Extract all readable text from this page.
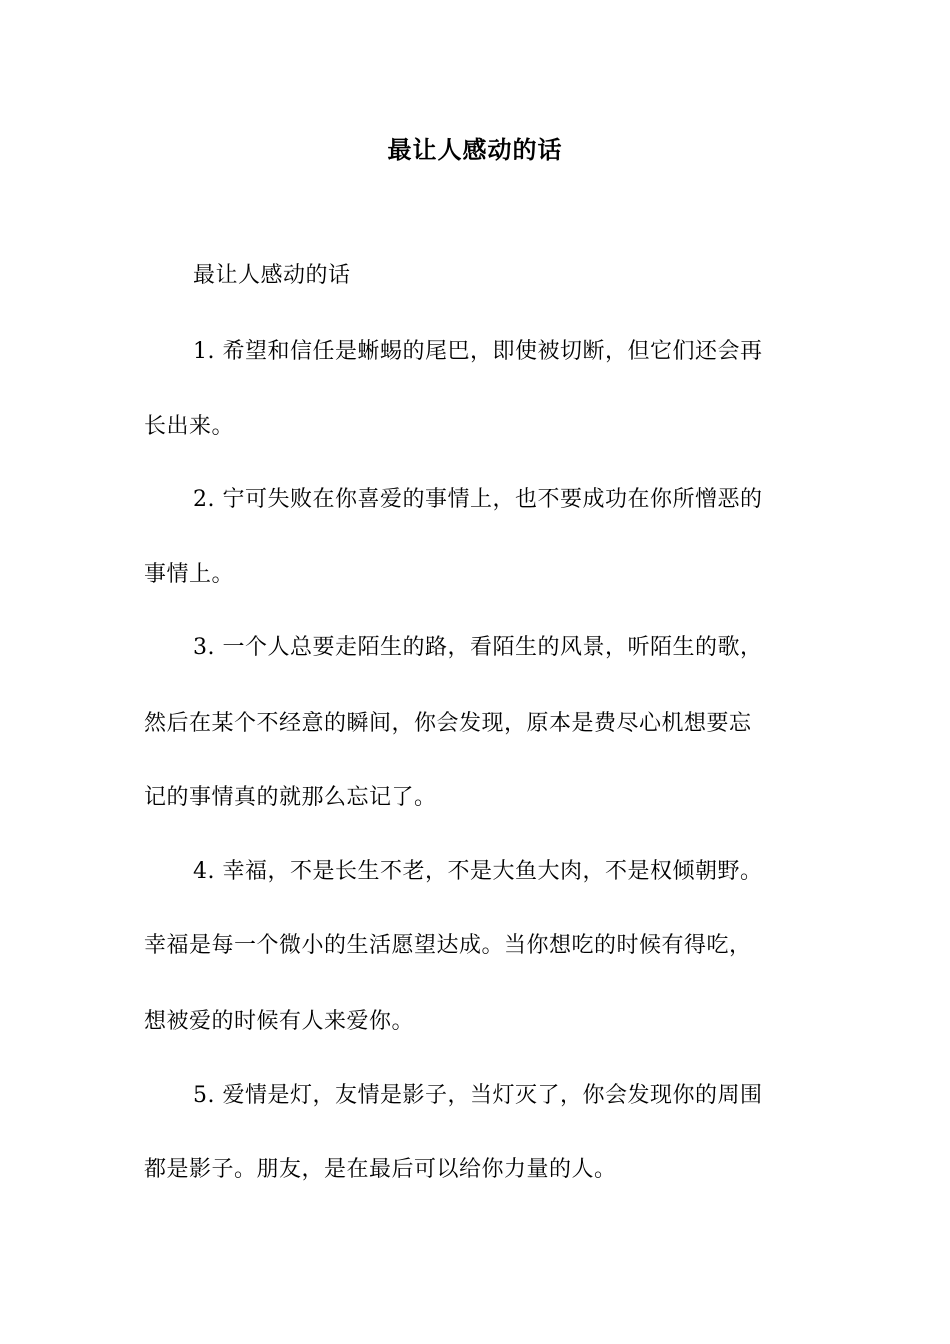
最让人感动的话
最让人感动的话
1. 希望和信任是蜥蜴的尾巴，即使被切断，但它们还会再
长出来。
2. 宁可失败在你喜爱的事情上，也不要成功在你所憎恶的
事情上。
3. 一个人总要走陌生的路，看陌生的风景，听陌生的歌，
然后在某个不经意的瞬间，你会发现，原本是费尽心机想要忘
记的事情真的就那么忘记了。
4. 幸福，不是长生不老，不是大鱼大肉，不是权倾朝野。
幸福是每一个微小的生活愿望达成。当你想吃的时候有得吃，
想被爱的时候有人来爱你。
5. 爱情是灯，友情是影子，当灯灭了，你会发现你的周围
都是影子。朋友，是在最后可以给你力量的人。
